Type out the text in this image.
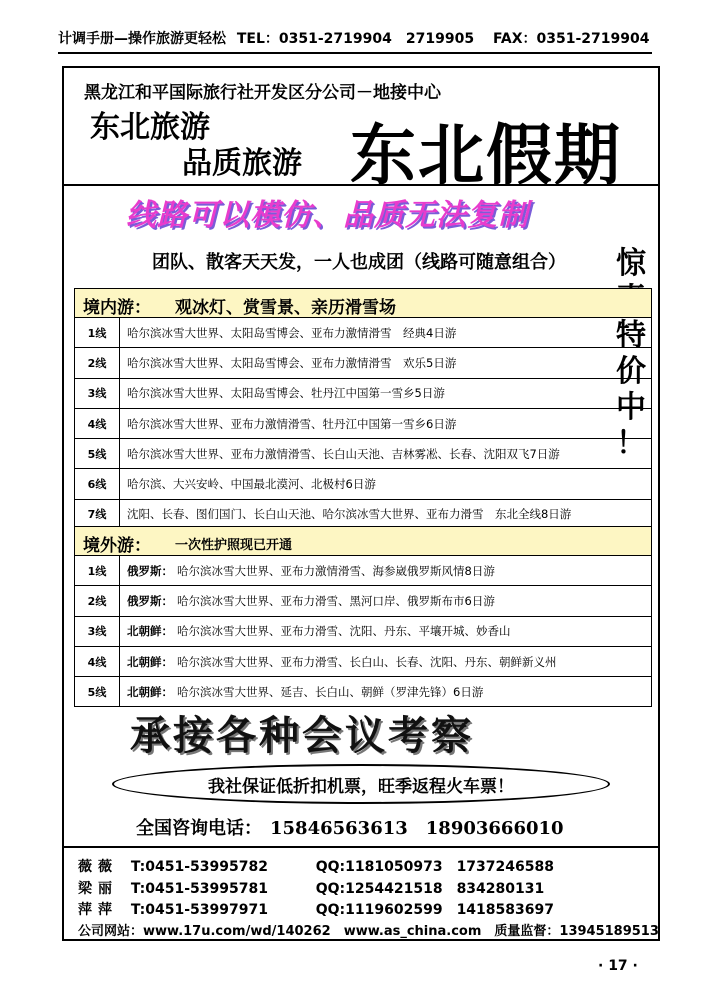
计调手册—操作旅游更轻松 TEL：0351-2719904　2719905 FAX：0351-2719904
黑龙江和平国际旅行社开发区分公司－地接中心
东北旅游
品质旅游 东北假期
线路可以模仿、品质无法复制
团队、散客天天发，一人也成团（线路可随意组合） 惊
特
价
中
！
境内游： 观冰灯、赏雪景、亲历滑雪场
1线	哈尔滨冰雪大世界、太阳岛雪博会、亚布力激情滑雪　经典4日游
2线	哈尔滨冰雪大世界、太阳岛雪博会、亚布力激情滑雪　欢乐5日游
3线	哈尔滨冰雪大世界、太阳岛雪博会、牡丹江中国第一雪乡5日游
4线	哈尔滨冰雪大世界、亚布力激情滑雪、牡丹江中国第一雪乡6日游
5线	哈尔滨冰雪大世界、亚布力激情滑雪、长白山天池、吉林雾凇、长春、沈阳双飞7日游
6线	哈尔滨、大兴安岭、中国最北漠河、北极村6日游
7线	沈阳、长春、图们国门、长白山天池、哈尔滨冰雪大世界、亚布力滑雪　东北全线8日游
境外游： 一次性护照现已开通
1线	俄罗斯： 哈尔滨冰雪大世界、亚布力激情滑雪、海参崴俄罗斯风情8日游
2线	俄罗斯： 哈尔滨冰雪大世界、亚布力滑雪、黑河口岸、俄罗斯布市6日游
3线	北朝鲜： 哈尔滨冰雪大世界、亚布力滑雪、沈阳、丹东、平壤开城、妙香山
4线	北朝鲜： 哈尔滨冰雪大世界、亚布力滑雪、长白山、长春、沈阳、丹东、朝鲜新义州
5线	北朝鲜： 哈尔滨冰雪大世界、延吉、长白山、朝鲜（罗津先锋）6日游
承接各种会议考察
我社保证低折扣机票，旺季返程火车票！
全国咨询电话： 15846563613　18903666010
薇薇 T:0451-53995782	QQ:1181050973　1737246588
梁丽 T:0451-53995781	QQ:1254421518　834280131
萍萍 T:0451-53997971	QQ:1119602599　1418583697
公司网站：www.17u.com/wd/140262　www.as_china.com　质量监督：13945189513
· 17 ·
